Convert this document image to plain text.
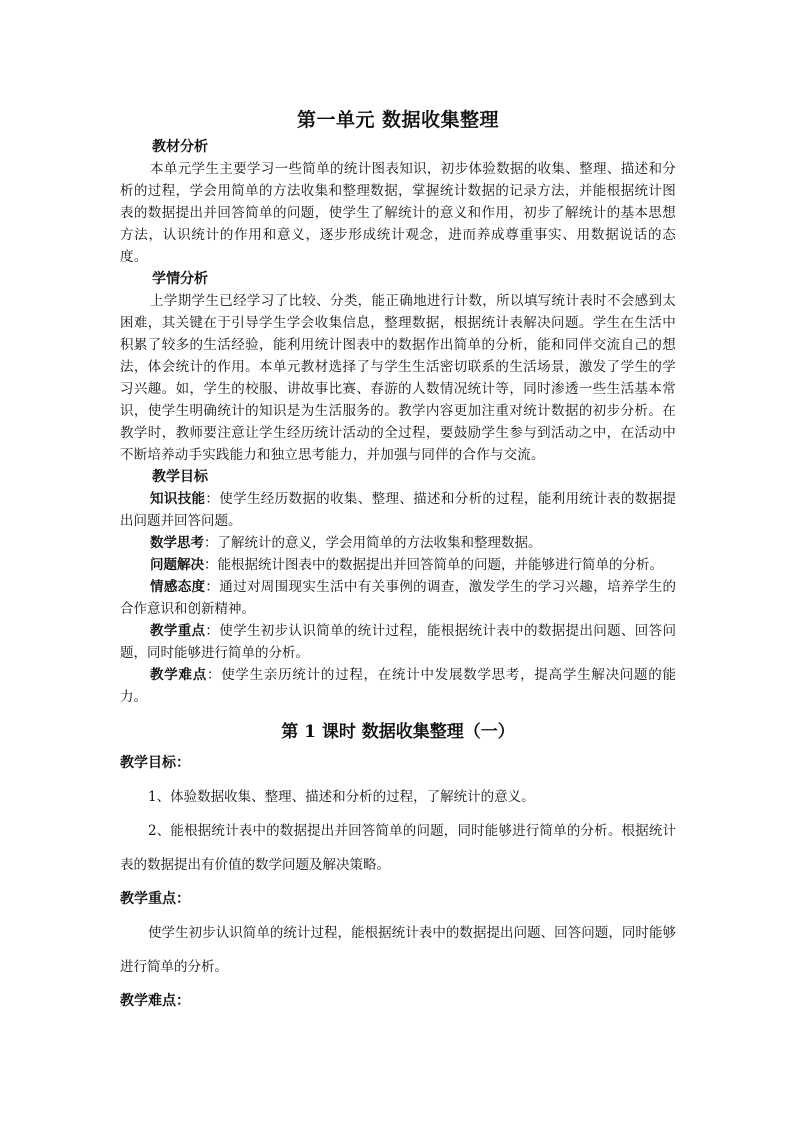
第一单元 数据收集整理
教材分析

本单元学生主要学习一些简单的统计图表知识，初步体验数据的收集、整理、描述和分析的过程，学会用简单的方法收集和整理数据，掌握统计数据的记录方法，并能根据统计图表的数据提出并回答简单的问题，使学生了解统计的意义和作用，初步了解统计的基本思想方法，认识统计的作用和意义，逐步形成统计观念，进而养成尊重事实、用数据说话的态度。

学情分析

上学期学生已经学习了比较、分类，能正确地进行计数，所以填写统计表时不会感到太困难，其关键在于引导学生学会收集信息，整理数据，根据统计表解决问题。学生在生活中积累了较多的生活经验，能利用统计图表中的数据作出简单的分析，能和同伴交流自己的想法，体会统计的作用。本单元教材选择了与学生生活密切联系的生活场景，激发了学生的学习兴趣。如，学生的校服、讲故事比赛、春游的人数情况统计等，同时渗透一些生活基本常识，使学生明确统计的知识是为生活服务的。教学内容更加注重对统计数据的初步分析。在教学时，教师要注意让学生经历统计活动的全过程，要鼓励学生参与到活动之中，在活动中不断培养动手实践能力和独立思考能力，并加强与同伴的合作与交流。

教学目标

知识技能：使学生经历数据的收集、整理、描述和分析的过程，能利用统计表的数据提出问题并回答问题。

数学思考：了解统计的意义，学会用简单的方法收集和整理数据。

问题解决：能根据统计图表中的数据提出并回答简单的问题，并能够进行简单的分析。

情感态度：通过对周围现实生活中有关事例的调查，激发学生的学习兴趣，培养学生的合作意识和创新精神。

教学重点：使学生初步认识简单的统计过程，能根据统计表中的数据提出问题、回答问题，同时能够进行简单的分析。

教学难点：使学生亲历统计的过程，在统计中发展数学思考，提高学生解决问题的能力。

第 1 课时 数据收集整理（一）
教学目标：

1、体验数据收集、整理、描述和分析的过程，了解统计的意义。

2、能根据统计表中的数据提出并回答简单的问题，同时能够进行简单的分析。根据统计表的数据提出有价值的数学问题及解决策略。

教学重点：

使学生初步认识简单的统计过程，能根据统计表中的数据提出问题、回答问题，同时能够进行简单的分析。

教学难点：
